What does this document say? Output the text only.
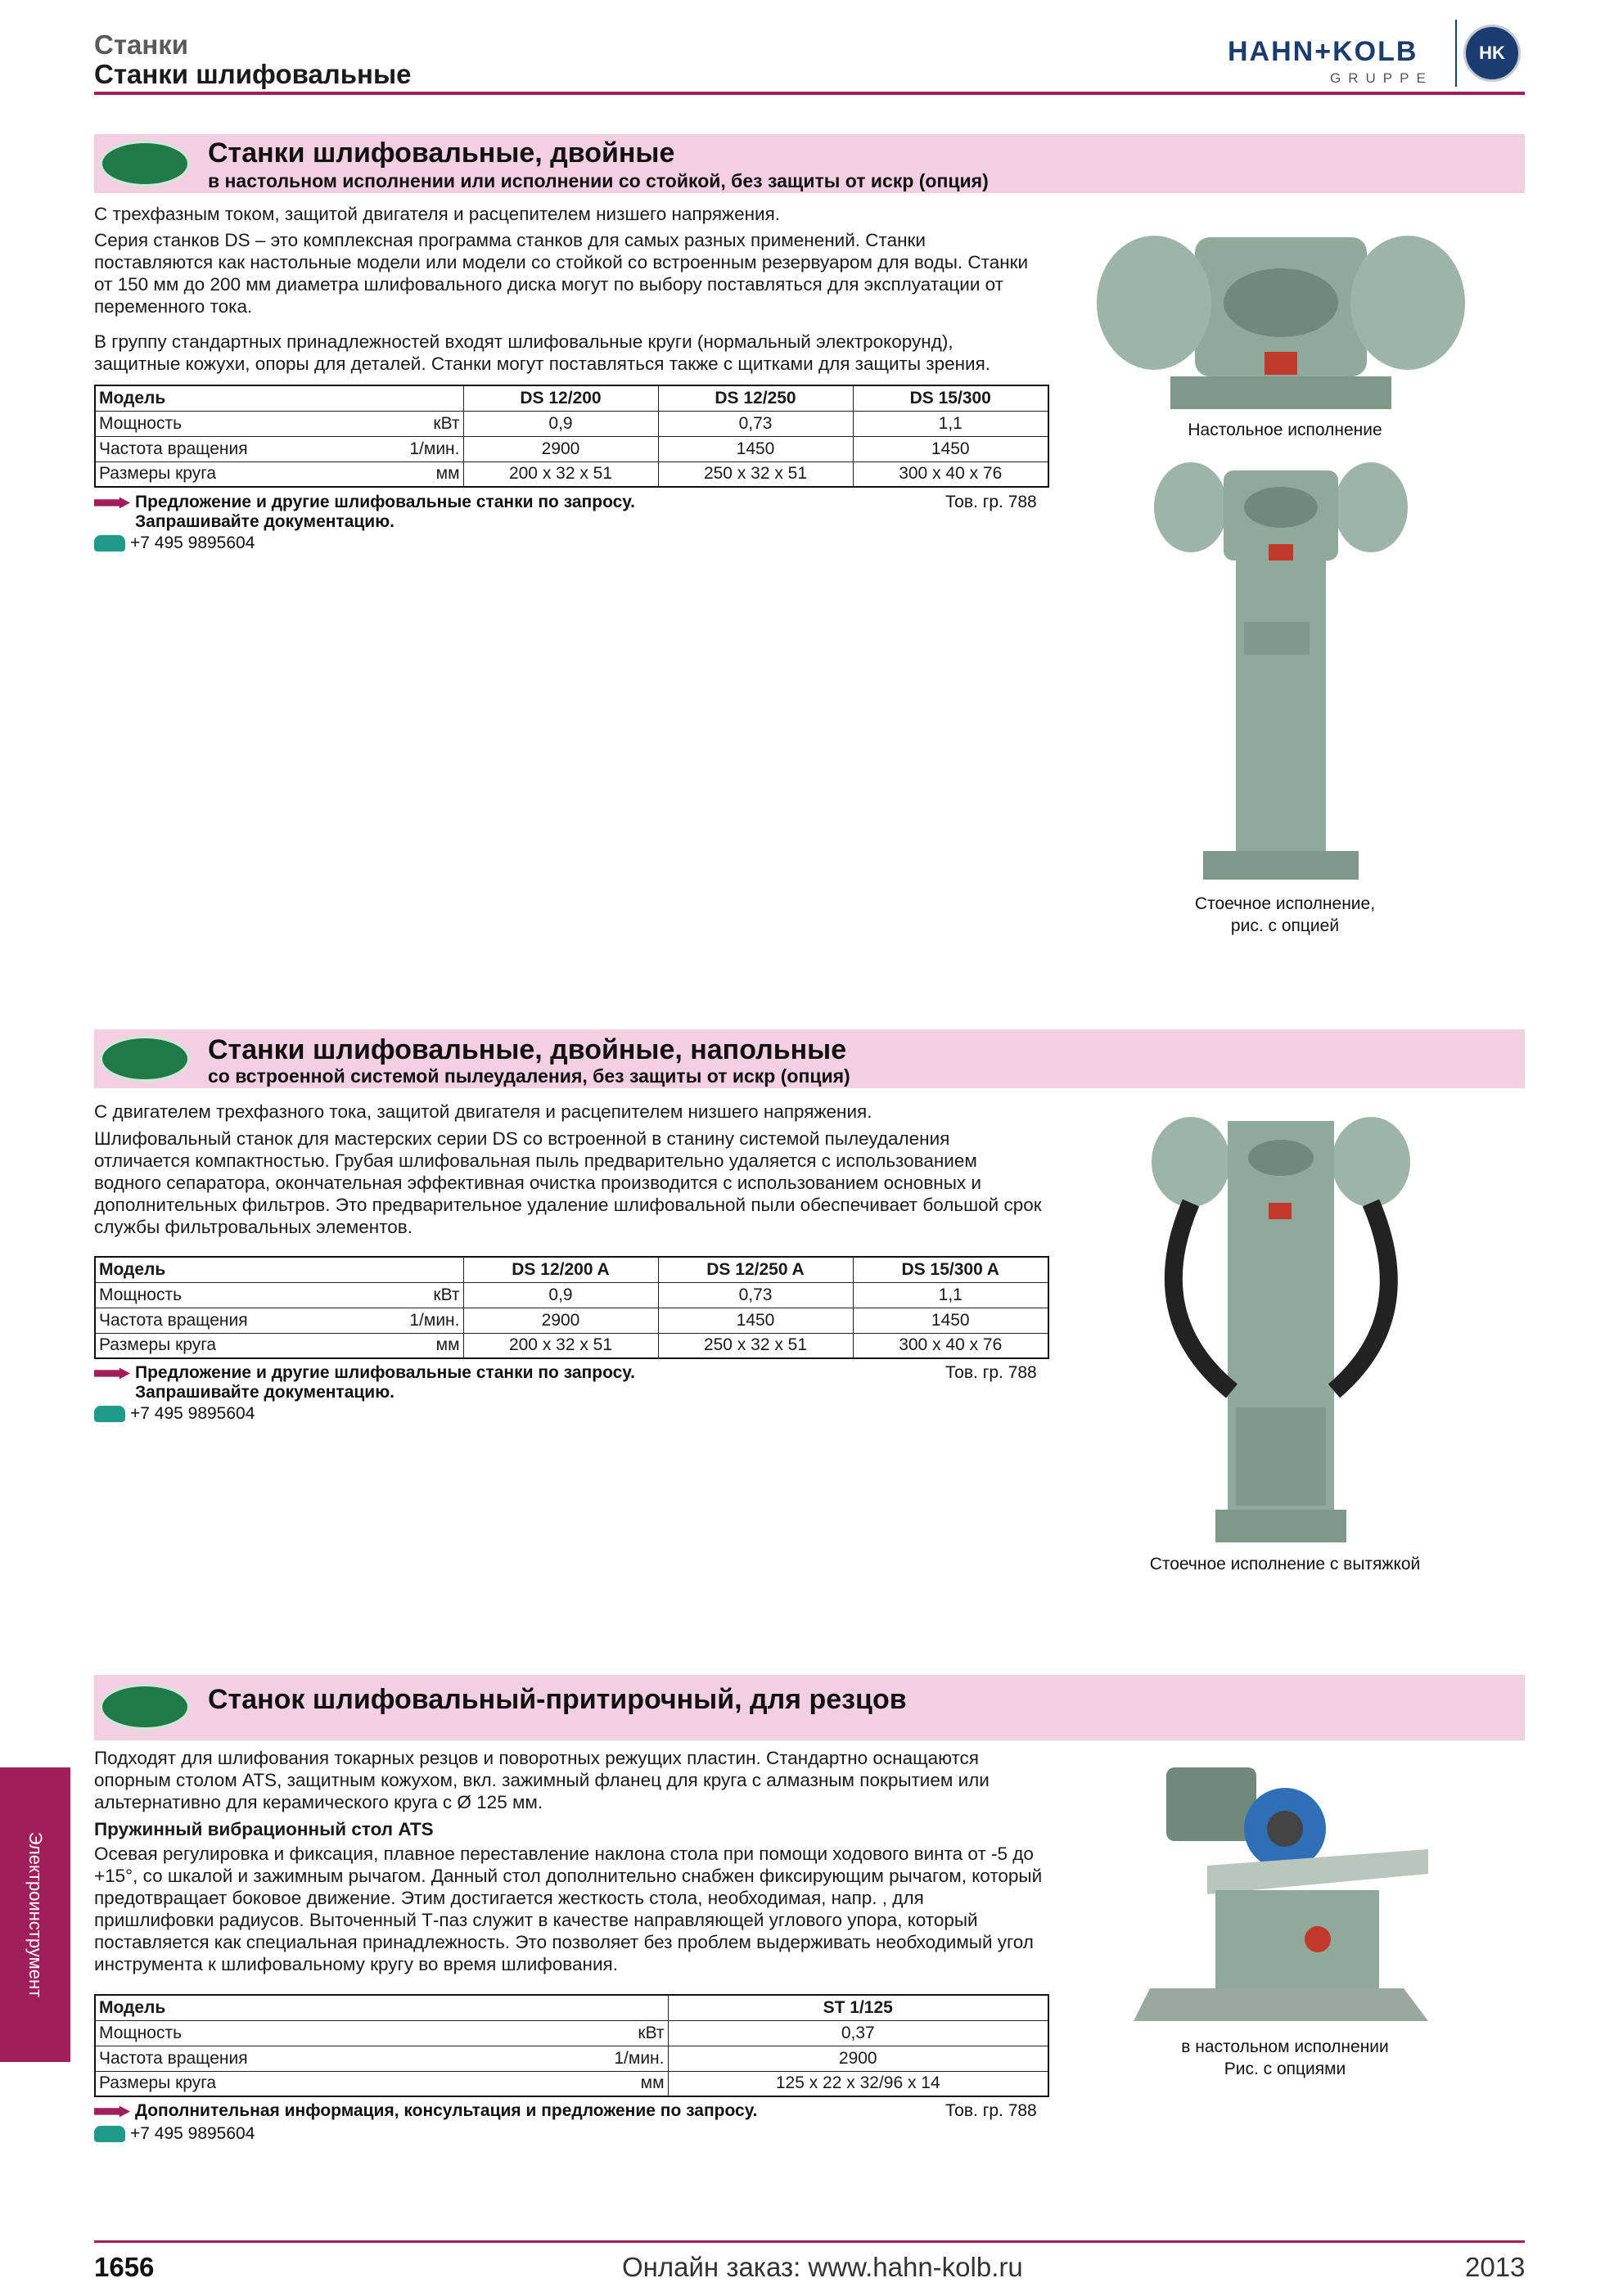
Станки
Станки шлифовальные
HAHN+KOLB
GRUPPE
HK
Станки шлифовальные, двойные
в настольном исполнении или исполнении со стойкой, без защиты от искр (опция)
С трехфазным током, защитой двигателя и расцепителем низшего напряжения.
Серия станков DS – это комплексная программа станков для самых разных применений. Станки поставляются как настольные модели или модели со стойкой со встроенным резервуаром для воды. Станки от 150 мм до 200 мм диаметра шлифовального диска могут по выбору поставляться для эксплуатации от переменного тока.
В группу стандартных принадлежностей входят шлифовальные круги (нормальный электрокорунд), защитные кожухи, опоры для деталей. Станки могут поставляться также с щитками для защиты зрения.
Модель		DS 12/200	DS 12/250	DS 15/300
Мощность	кВт	0,9	0,73	1,1
Частота вращения	1/мин.	2900	1450	1450
Размеры круга	мм	200 x 32 x 51	250 x 32 x 51	300 x 40 x 76
Предложение и другие шлифовальные станки по запросу.
Запрашивайте документацию.
Тов. гр. 788
+7 495 9895604
Настольное исполнение
Стоечное исполнение,
рис. с опцией
Станки шлифовальные, двойные, напольные
со встроенной системой пылеудаления, без защиты от искр (опция)
С двигателем трехфазного тока, защитой двигателя и расцепителем низшего напряжения.
Шлифовальный станок для мастерских серии DS со встроенной в станину системой пылеудаления отличается компактностью. Грубая шлифовальная пыль предварительно удаляется с использованием водного сепаратора, окончательная эффективная очистка производится с использованием основных и дополнительных фильтров. Это предварительное удаление шлифовальной пыли обеспечивает большой срок службы фильтровальных элементов.
Модель		DS 12/200 A	DS 12/250 A	DS 15/300 A
Мощность	кВт	0,9	0,73	1,1
Частота вращения	1/мин.	2900	1450	1450
Размеры круга	мм	200 x 32 x 51	250 x 32 x 51	300 x 40 x 76
Предложение и другие шлифовальные станки по запросу.
Запрашивайте документацию.
Тов. гр. 788
+7 495 9895604
Стоечное исполнение с вытяжкой
Станок шлифовальный-притирочный, для резцов
Подходят для шлифования токарных резцов и поворотных режущих пластин. Стандартно оснащаются опорным столом ATS, защитным кожухом, вкл. зажимный фланец для круга с алмазным покрытием или альтернативно для керамического круга с Ø 125 мм.
Пружинный вибрационный стол ATS
Осевая регулировка и фиксация, плавное переставление наклона стола при помощи ходового винта от -5 до +15°, со шкалой и зажимным рычагом. Данный стол дополнительно снабжен фиксирующим рычагом, который предотвращает боковое движение. Этим достигается жесткость стола, необходимая, напр. , для пришлифовки радиусов. Выточенный Т-паз служит в качестве направляющей углового упора, который поставляется как специальная принадлежность. Это позволяет без проблем выдерживать необходимый угол инструмента к шлифовальному кругу во время шлифования.
Модель		ST 1/125
Мощность	кВт	0,37
Частота вращения	1/мин.	2900
Размеры круга	мм	125 x 22 x 32/96 x 14
Дополнительная информация, консультация и предложение по запросу.	Тов. гр. 788
+7 495 9895604
в настольном исполнении
Рис. с опциями
Электроинструмент
1656	Онлайн заказ: www.hahn-kolb.ru	2013
